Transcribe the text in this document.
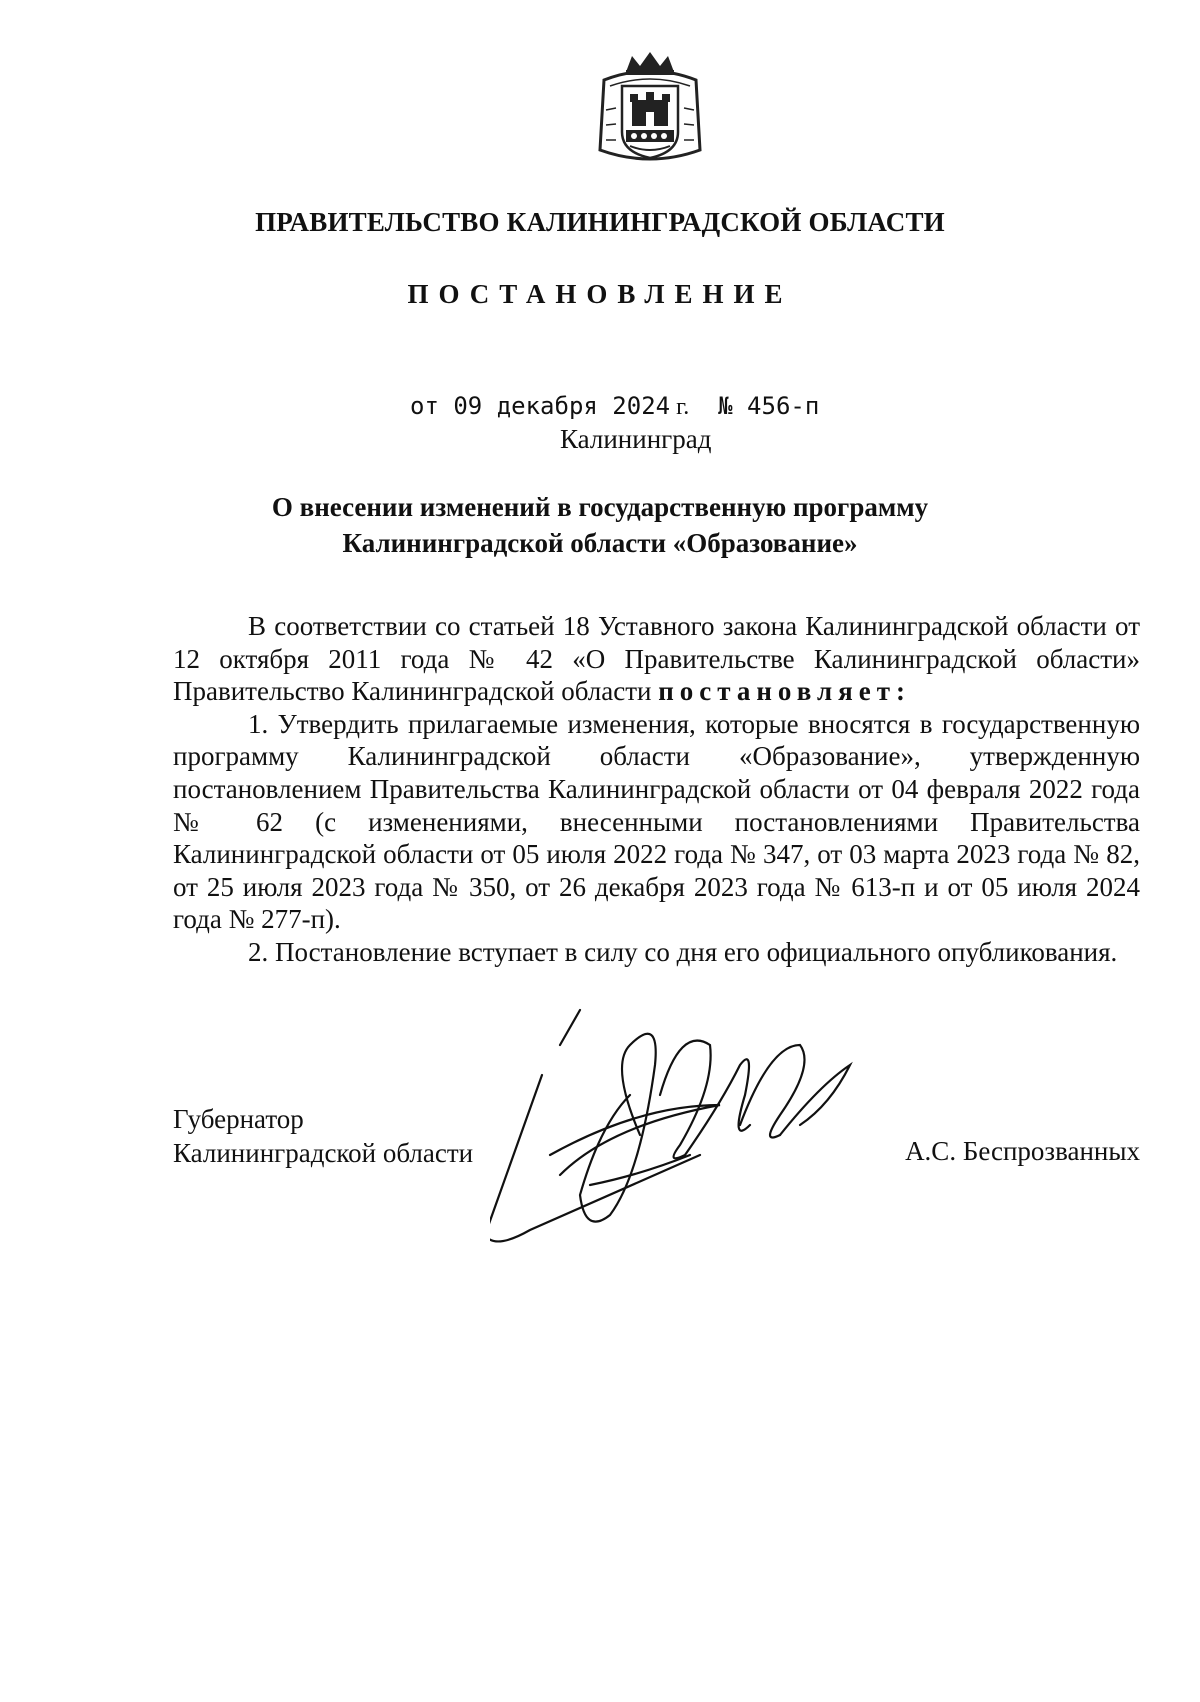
ПРАВИТЕЛЬСТВО КАЛИНИНГРАДСКОЙ ОБЛАСТИ
ПОСТАНОВЛЕНИЕ
от 09 декабря 2024 г. № 456-п
Калининград
О внесении изменений в государственную программу
Калининградской области «Образование»

В соответствии со статьей 18 Уставного закона Калининградской области от 12 октября 2011 года № 42 «О Правительстве Калининградской области» Правительство Калининградской области постановляет:

1. Утвердить прилагаемые изменения, которые вносятся в государственную программу Калининградской области «Образование», утвержденную постановлением Правительства Калининградской области от 04 февраля 2022 года № 62 (с изменениями, внесенными постановлениями Правительства Калининградской области от 05 июля 2022 года № 347, от 03 марта 2023 года № 82, от 25 июля 2023 года № 350, от 26 декабря 2023 года № 613-п и от 05 июля 2024 года № 277-п).

2. Постановление вступает в силу со дня его официального опубликования.

Губернатор
Калининградской области	А.С. Беспрозванных
